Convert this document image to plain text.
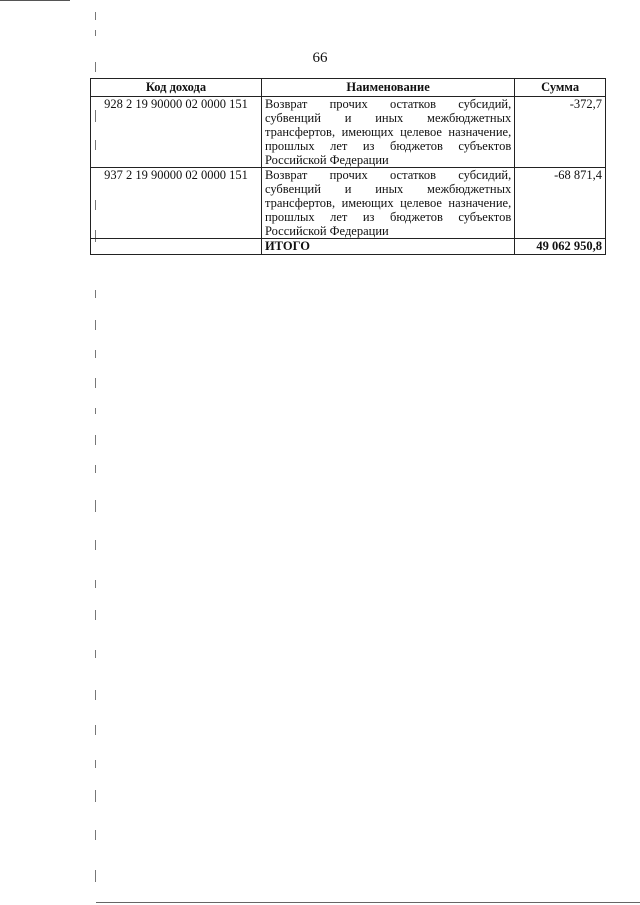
66
Код дохода	Наименование	Сумма
928 2 19 90000 02 0000 151	Возврат прочих остатков субсидий, субвенций и иных межбюджетных трансфертов, имеющих целевое назначение, прошлых лет из бюджетов субъектов Российской Федерации	-372,7
937 2 19 90000 02 0000 151	Возврат прочих остатков субсидий, субвенций и иных межбюджетных трансфертов, имеющих целевое назначение, прошлых лет из бюджетов субъектов Российской Федерации	-68 871,4
	ИТОГО	49 062 950,8
